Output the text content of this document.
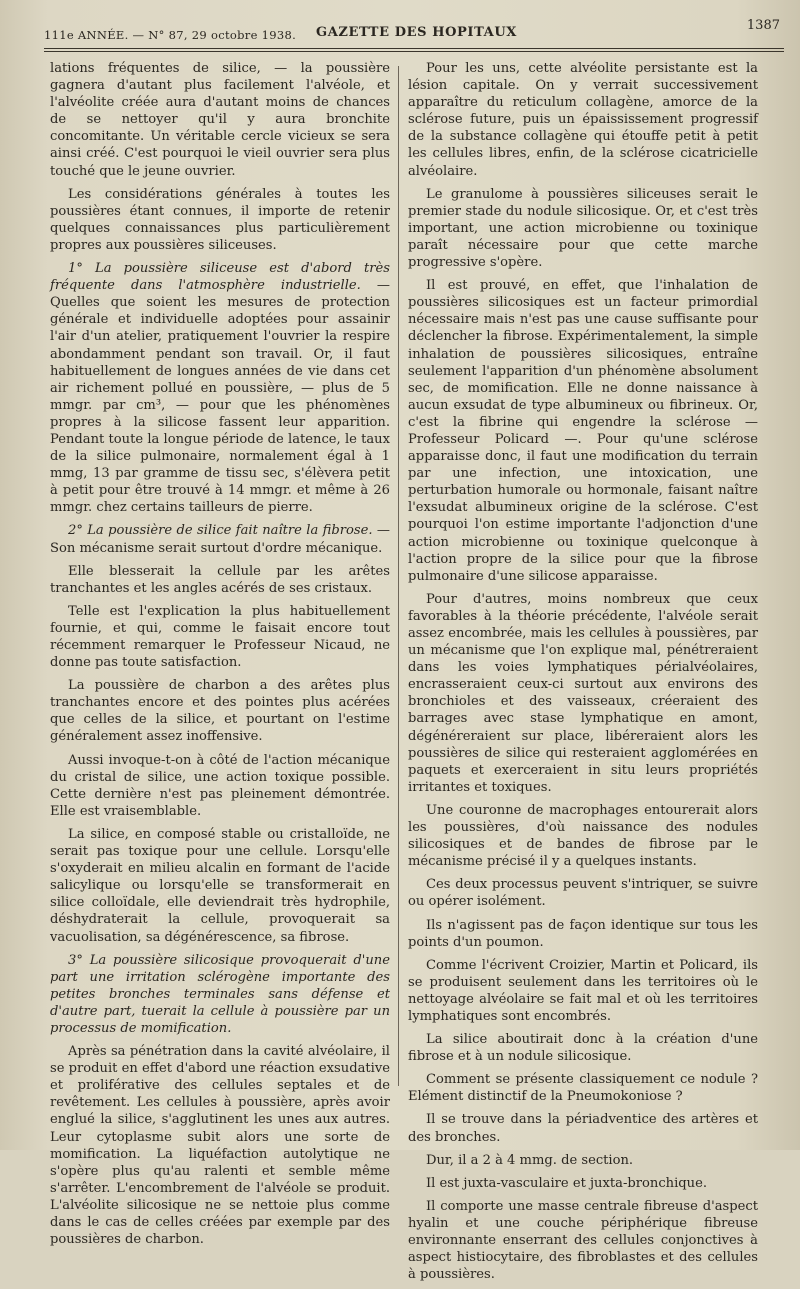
111e ANNÉE. — N° 87, 29 octobre 1938. GAZETTE DES HOPITAUX	1387

lations fréquentes de silice, — la poussière gagnera d'autant plus facilement l'alvéole, et l'alvéolite créée aura d'autant moins de chances de se nettoyer qu'il y aura bronchite concomitante. Un véritable cercle vicieux se sera ainsi créé. C'est pourquoi le vieil ouvrier sera plus touché que le jeune ouvrier.

Les considérations générales à toutes les poussières étant connues, il importe de retenir quelques connaissances plus particulièrement propres aux poussières siliceuses.

1° La poussière siliceuse est d'abord très fréquente dans l'atmosphère industrielle. — Quelles que soient les mesures de protection générale et individuelle adoptées pour assainir l'air d'un atelier, pratiquement l'ouvrier la respire abondamment pendant son travail. Or, il faut habituellement de longues années de vie dans cet air richement pollué en poussière, — plus de 5 mmgr. par cm³, — pour que les phénomènes propres à la silicose fassent leur apparition. Pendant toute la longue période de latence, le taux de la silice pulmonaire, normalement égal à 1 mmg, 13 par gramme de tissu sec, s'élèvera petit à petit pour être trouvé à 14 mmgr. et même à 26 mmgr. chez certains tailleurs de pierre.

2° La poussière de silice fait naître la fibrose. — Son mécanisme serait surtout d'ordre mécanique.

Elle blesserait la cellule par les arêtes tranchantes et les angles acérés de ses cristaux.

Telle est l'explication la plus habituellement fournie, et qui, comme le faisait encore tout récemment remarquer le Professeur Nicaud, ne donne pas toute satisfaction.

La poussière de charbon a des arêtes plus tranchantes encore et des pointes plus acérées que celles de la silice, et pourtant on l'estime généralement assez inoffensive.

Aussi invoque-t-on à côté de l'action mécanique du cristal de silice, une action toxique possible. Cette dernière n'est pas pleinement démontrée. Elle est vraisemblable.

La silice, en composé stable ou cristalloïde, ne serait pas toxique pour une cellule. Lorsqu'elle s'oxyderait en milieu alcalin en formant de l'acide salicylique ou lorsqu'elle se transformerait en silice colloïdale, elle deviendrait très hydrophile, déshydraterait la cellule, provoquerait sa vacuolisation, sa dégénérescence, sa fibrose.

3° La poussière silicosique provoquerait d'une part une irritation sclérogène importante des petites bronches terminales sans défense et d'autre part, tuerait la cellule à poussière par un processus de momification.

Après sa pénétration dans la cavité alvéolaire, il se produit en effet d'abord une réaction exsudative et proliférative des cellules septales et de revêtement. Les cellules à poussière, après avoir englué la silice, s'agglutinent les unes aux autres. Leur cytoplasme subit alors une sorte de momification. La liquéfaction autolytique ne s'opère plus qu'au ralenti et semble même s'arrêter. L'encombrement de l'alvéole se produit. L'alvéolite silicosique ne se nettoie plus comme dans le cas de celles créées par exemple par des poussières de charbon.

Pour les uns, cette alvéolite persistante est la lésion capitale. On y verrait successivement apparaître du reticulum collagène, amorce de la sclérose future, puis un épaississement progressif de la substance collagène qui étouffe petit à petit les cellules libres, enfin, de la sclérose cicatricielle alvéolaire.

Le granulome à poussières siliceuses serait le premier stade du nodule silicosique. Or, et c'est très important, une action microbienne ou toxinique paraît nécessaire pour que cette marche progressive s'opère.

Il est prouvé, en effet, que l'inhalation de poussières silicosiques est un facteur primordial nécessaire mais n'est pas une cause suffisante pour déclencher la fibrose. Expérimentalement, la simple inhalation de poussières silicosiques, entraîne seulement l'apparition d'un phénomène absolument sec, de momification. Elle ne donne naissance à aucun exsudat de type albumineux ou fibrineux. Or, c'est la fibrine qui engendre la sclérose — Professeur Policard —. Pour qu'une sclérose apparaisse donc, il faut une modification du terrain par une infection, une intoxication, une perturbation humorale ou hormonale, faisant naître l'exsudat albumineux origine de la sclérose. C'est pourquoi l'on estime importante l'adjonction d'une action microbienne ou toxinique quelconque à l'action propre de la silice pour que la fibrose pulmonaire d'une silicose apparaisse.

Pour d'autres, moins nombreux que ceux favorables à la théorie précédente, l'alvéole serait assez encombrée, mais les cellules à poussières, par un mécanisme que l'on explique mal, pénétreraient dans les voies lymphatiques périalvéolaires, encrasseraient ceux-ci surtout aux environs des bronchioles et des vaisseaux, créeraient des barrages avec stase lymphatique en amont, dégénéreraient sur place, libéreraient alors les poussières de silice qui resteraient agglomérées en paquets et exerceraient in situ leurs propriétés irritantes et toxiques.

Une couronne de macrophages entourerait alors les poussières, d'où naissance des nodules silicosiques et de bandes de fibrose par le mécanisme précisé il y a quelques instants.

Ces deux processus peuvent s'intriquer, se suivre ou opérer isolément.

Ils n'agissent pas de façon identique sur tous les points d'un poumon.

Comme l'écrivent Croizier, Martin et Policard, ils se produisent seulement dans les territoires où le nettoyage alvéolaire se fait mal et où les territoires lymphatiques sont encombrés.

La silice aboutirait donc à la création d'une fibrose et à un nodule silicosique.

Comment se présente classiquement ce nodule ? Elément distinctif de la Pneumokoniose ?

Il se trouve dans la périadventice des artères et des bronches.

Dur, il a 2 à 4 mmg. de section.

Il est juxta-vasculaire et juxta-bronchique.

Il comporte une masse centrale fibreuse d'aspect hyalin et une couche périphérique fibreuse environnante enserrant des cellules conjonctives à aspect histiocytaire, des fibroblastes et des cellules à poussières.
